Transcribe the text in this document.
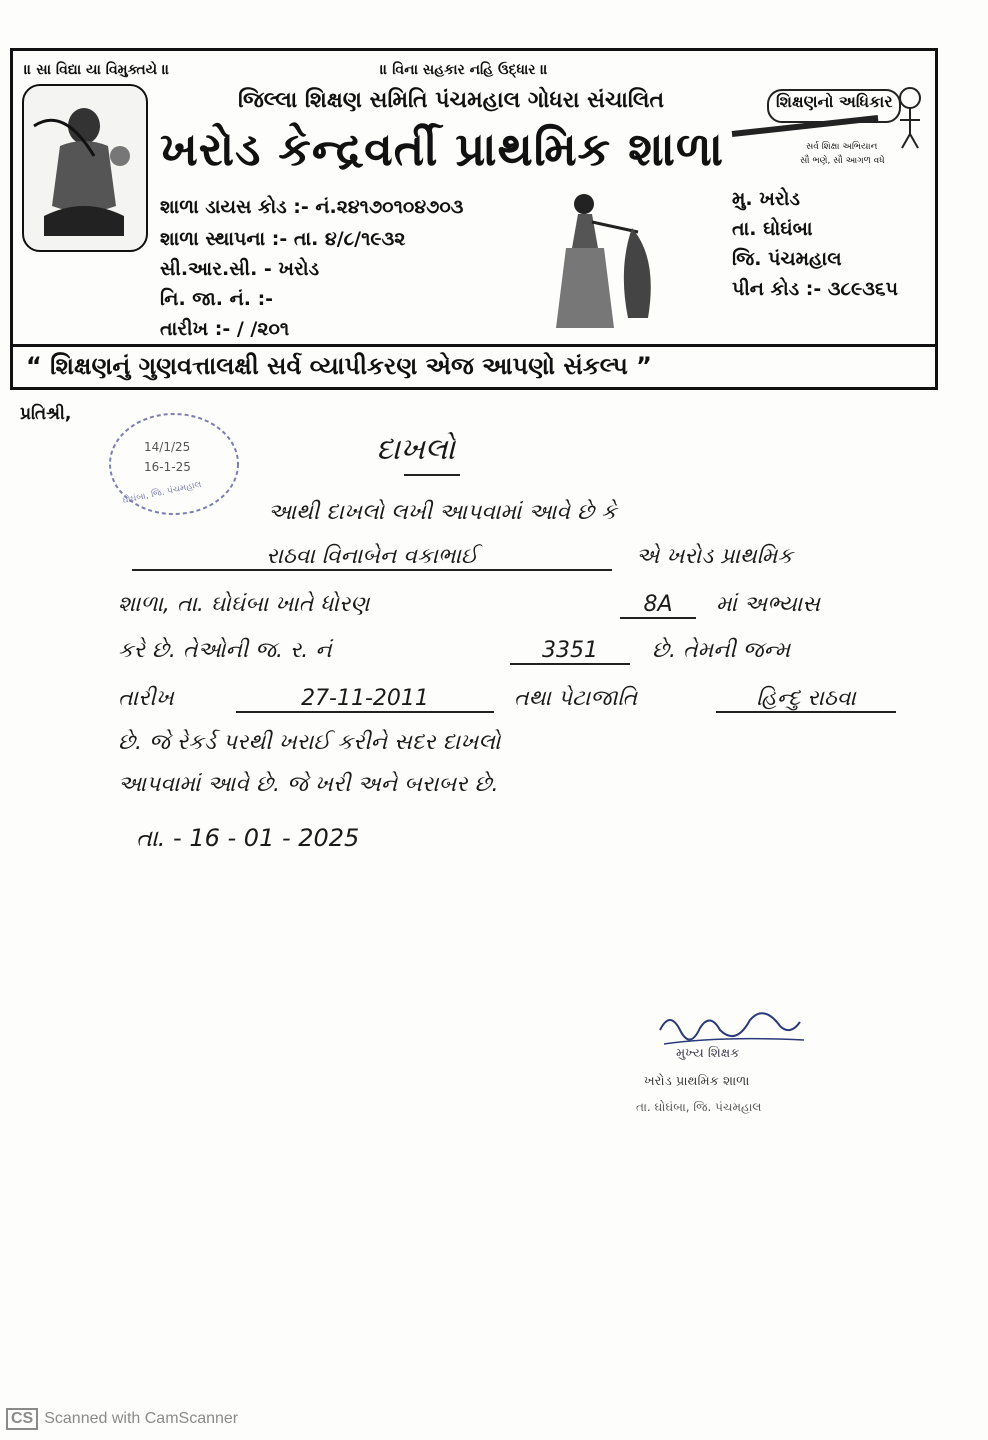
॥ સા વિદ્યા યા વિમુક્તયે ॥	॥ વિના સહકાર નહિ ઉદ્ધાર ॥
જિલ્લા શિક્ષણ સમિતિ પંચમહાલ ગોધરા સંચાલિત
ખરોડ કેન્દ્રવર્તી પ્રાથમિક શાળા
શિક્ષણનો અધિકાર
સર્વ શિક્ષા અભિયાન
સૌ ભણે, સૌ આગળ વધે
શાળા ડાયસ કોડ :- નં.૨૪૧૭૦૧૦૪૭૦૩
શાળા સ્થાપના :- તા. ૪/૮/૧૯૩૨
સી.આર.સી. - ખરોડ
નિ. જા. નં. :-
તારીખ :- / /૨૦૧
મુ. ખરોડ
તા. ઘોઘંબા
જિ. પંચમહાલ
પીન કોડ :- ૩૮૯૩૬૫
“ શિક્ષણનું ગુણવત્તાલક્ષી સર્વ વ્યાપીકરણ એજ આપણો સંકલ્પ ”
પ્રતિશ્રી,
14/1/25
16-1-25
ઘોઘંબા, જિ. પંચમહાલ
દાખલો
આથી દાખલો લખી આપવામાં આવે છે કે
રાઠવા વિનાબેન વકાભાઈ	એ ખરોડ પ્રાથમિક
શાળા, તા. ઘોઘંબા ખાતે ધોરણ	8A	માં અભ્યાસ
કરે છે. તેઓની જ. ર. નં	3351	છે. તેમની જન્મ
તારીખ	27-11-2011	તથા પેટાજાતિ	હિન્દુ રાઠવા
છે. જે રેકર્ડ પરથી ખરાઈ કરીને સદર દાખલો
આપવામાં આવે છે. જે ખરી અને બરાબર છે.
તા. - 16 - 01 - 2025
મુખ્ય શિક્ષક
ખરોડ પ્રાથમિક શાળા
તા. ઘોઘંબા, જિ. પંચમહાલ
CS Scanned with CamScanner
